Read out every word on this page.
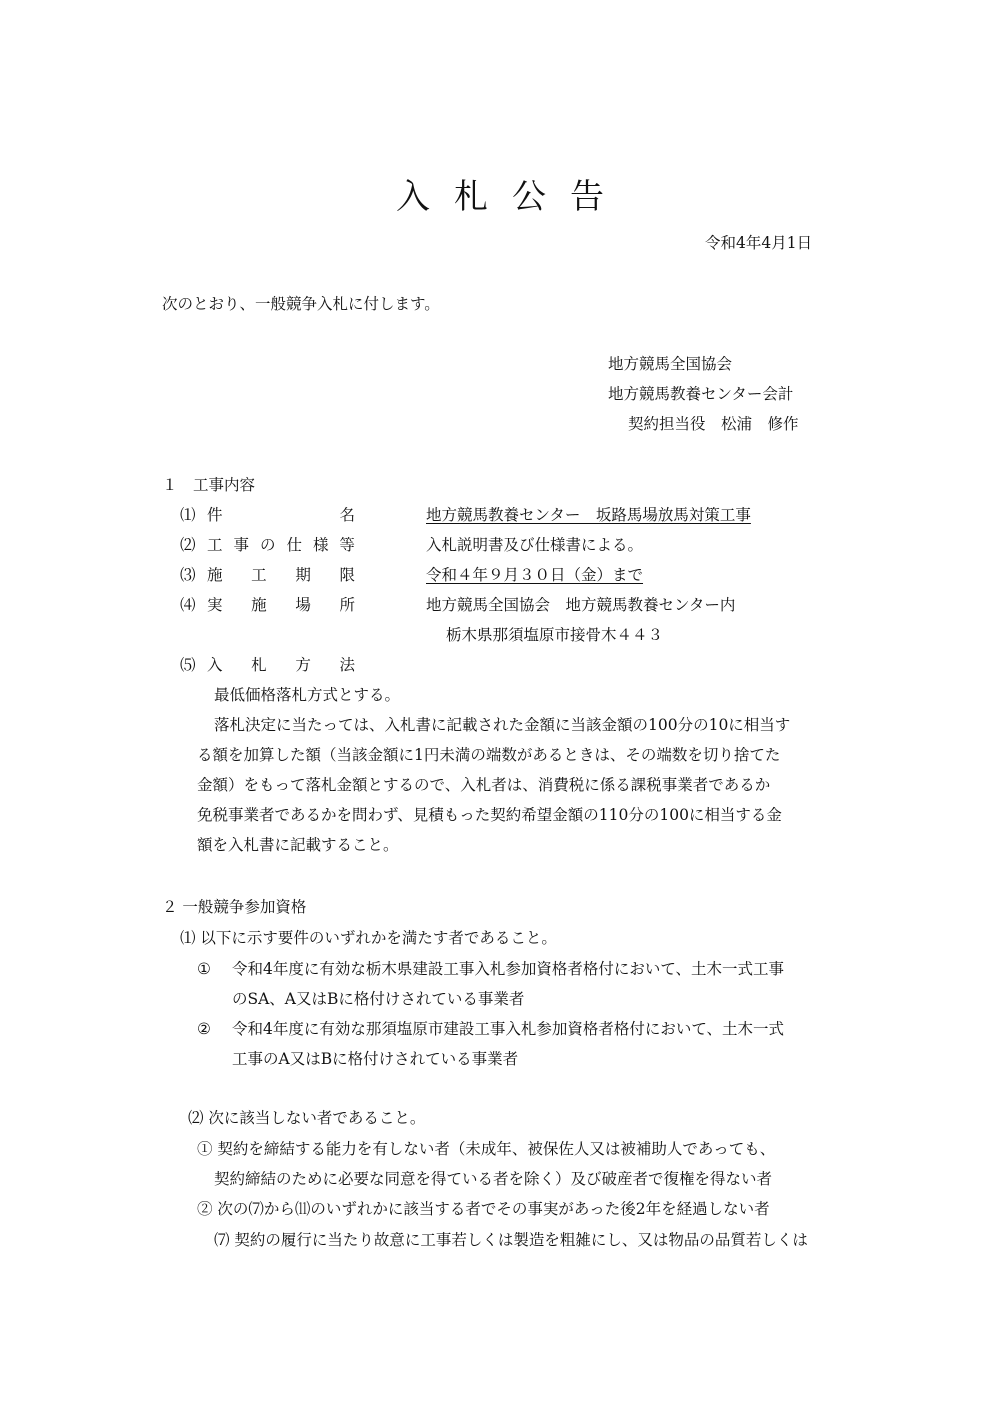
入札公告
令和4年4月1日
次のとおり、一般競争入札に付します。
地方競馬全国協会
地方競馬教養センター会計
契約担当役　松浦　修作
１　工事内容
⑴ 件	名	地方競馬教養センター　坂路馬場放馬対策工事
⑵ 工 事 の 仕 様 等	入札説明書及び仕様書による。
⑶ 施 工 期 限	令和４年９月３０日（金）まで
⑷ 実 施 場 所	地方競馬全国協会　地方競馬教養センター内
栃木県那須塩原市接骨木４４３
⑸ 入 札 方 法
最低価格落札方式とする。
落札決定に当たっては、入札書に記載された金額に当該金額の100分の10に相当す
る額を加算した額（当該金額に1円未満の端数があるときは、その端数を切り捨てた
金額）をもって落札金額とするので、入札者は、消費税に係る課税事業者であるか
免税事業者であるかを問わず、見積もった契約希望金額の110分の100に相当する金
額を入札書に記載すること。
２ 一般競争参加資格
⑴ 以下に示す要件のいずれかを満たす者であること。
① 令和4年度に有効な栃木県建設工事入札参加資格者格付において、土木一式工事
のSA、A又はBに格付けされている事業者
② 令和4年度に有効な那須塩原市建設工事入札参加資格者格付において、土木一式
工事のA又はBに格付けされている事業者
⑵ 次に該当しない者であること。
① 契約を締結する能力を有しない者（未成年、被保佐人又は被補助人であっても、
契約締結のために必要な同意を得ている者を除く）及び破産者で復権を得ない者
② 次の⑺から⑾のいずれかに該当する者でその事実があった後2年を経過しない者
⑺ 契約の履行に当たり故意に工事若しくは製造を粗雑にし、又は物品の品質若しくは
